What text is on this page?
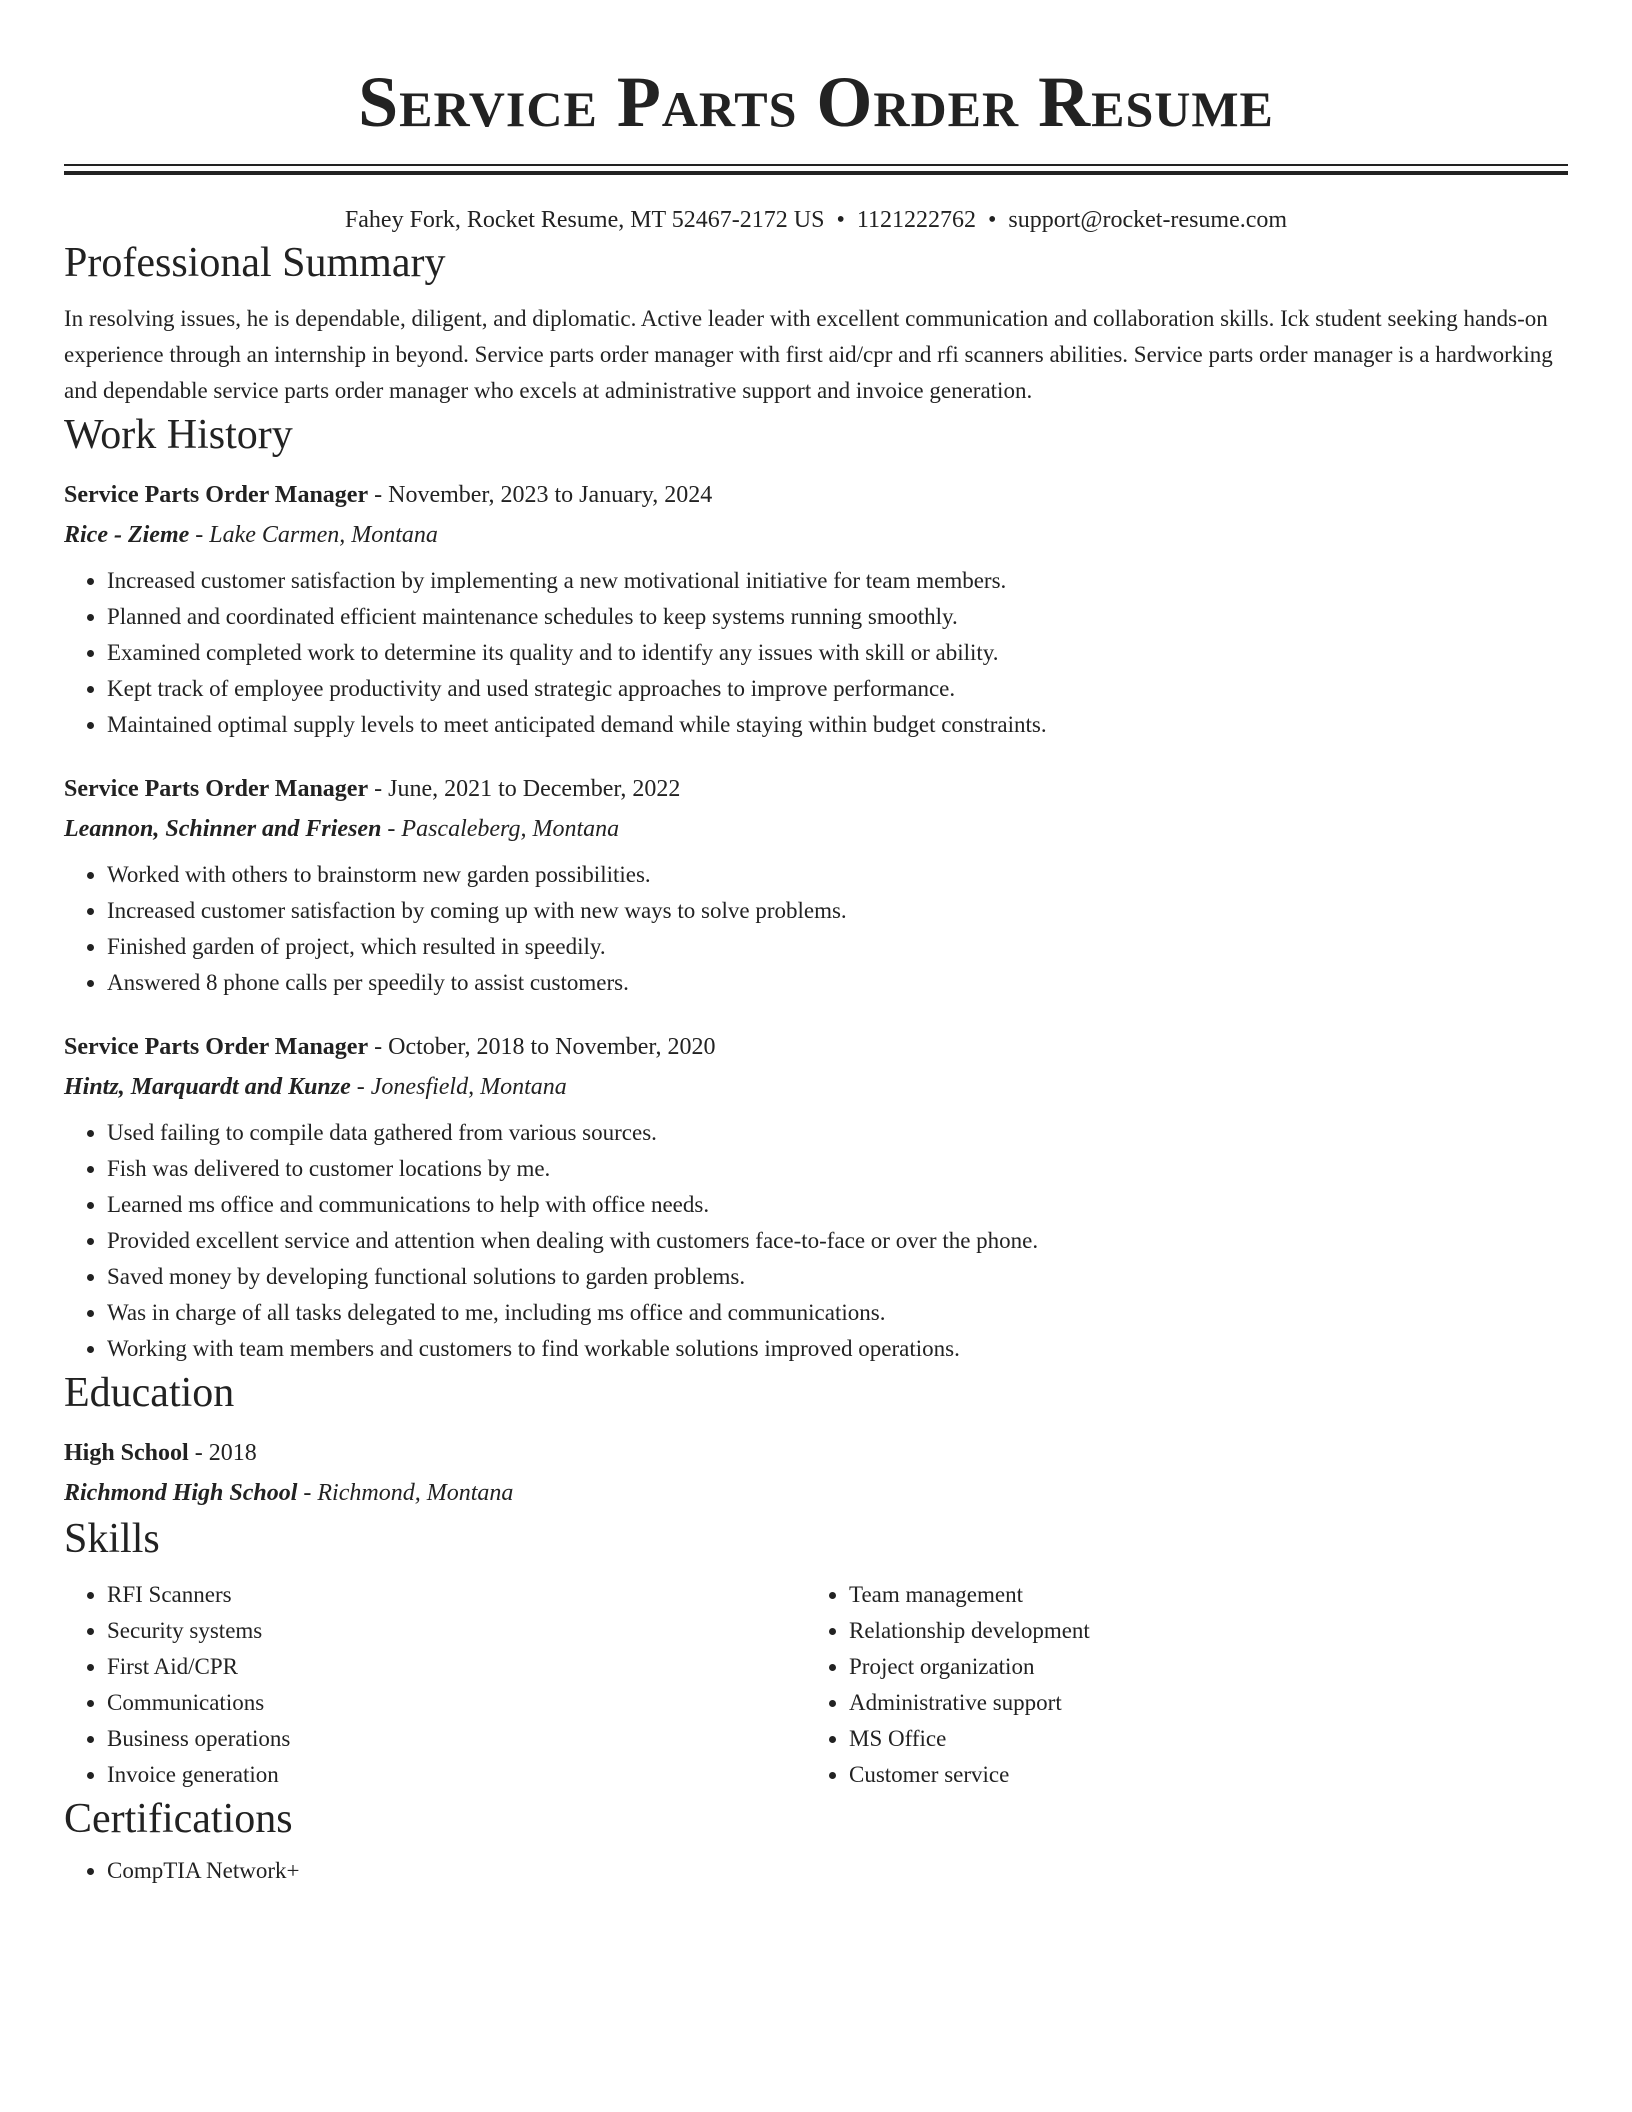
Service Parts Order Resume
Fahey Fork, Rocket Resume, MT 52467-2172 US • 1121222762 • support@rocket-resume.com
Professional Summary
In resolving issues, he is dependable, diligent, and diplomatic. Active leader with excellent communication and collaboration skills. Ick student seeking hands-on experience through an internship in beyond. Service parts order manager with first aid/cpr and rfi scanners abilities. Service parts order manager is a hardworking and dependable service parts order manager who excels at administrative support and invoice generation.
Work History
Service Parts Order Manager - November, 2023 to January, 2024
Rice - Zieme - Lake Carmen, Montana
• Increased customer satisfaction by implementing a new motivational initiative for team members.
• Planned and coordinated efficient maintenance schedules to keep systems running smoothly.
• Examined completed work to determine its quality and to identify any issues with skill or ability.
• Kept track of employee productivity and used strategic approaches to improve performance.
• Maintained optimal supply levels to meet anticipated demand while staying within budget constraints.
Service Parts Order Manager - June, 2021 to December, 2022
Leannon, Schinner and Friesen - Pascaleberg, Montana
• Worked with others to brainstorm new garden possibilities.
• Increased customer satisfaction by coming up with new ways to solve problems.
• Finished garden of project, which resulted in speedily.
• Answered 8 phone calls per speedily to assist customers.
Service Parts Order Manager - October, 2018 to November, 2020
Hintz, Marquardt and Kunze - Jonesfield, Montana
• Used failing to compile data gathered from various sources.
• Fish was delivered to customer locations by me.
• Learned ms office and communications to help with office needs.
• Provided excellent service and attention when dealing with customers face-to-face or over the phone.
• Saved money by developing functional solutions to garden problems.
• Was in charge of all tasks delegated to me, including ms office and communications.
• Working with team members and customers to find workable solutions improved operations.
Education
High School - 2018
Richmond High School - Richmond, Montana
Skills
• RFI Scanners
• Security systems
• First Aid/CPR
• Communications
• Business operations
• Invoice generation
• Team management
• Relationship development
• Project organization
• Administrative support
• MS Office
• Customer service
Certifications
• CompTIA Network+
